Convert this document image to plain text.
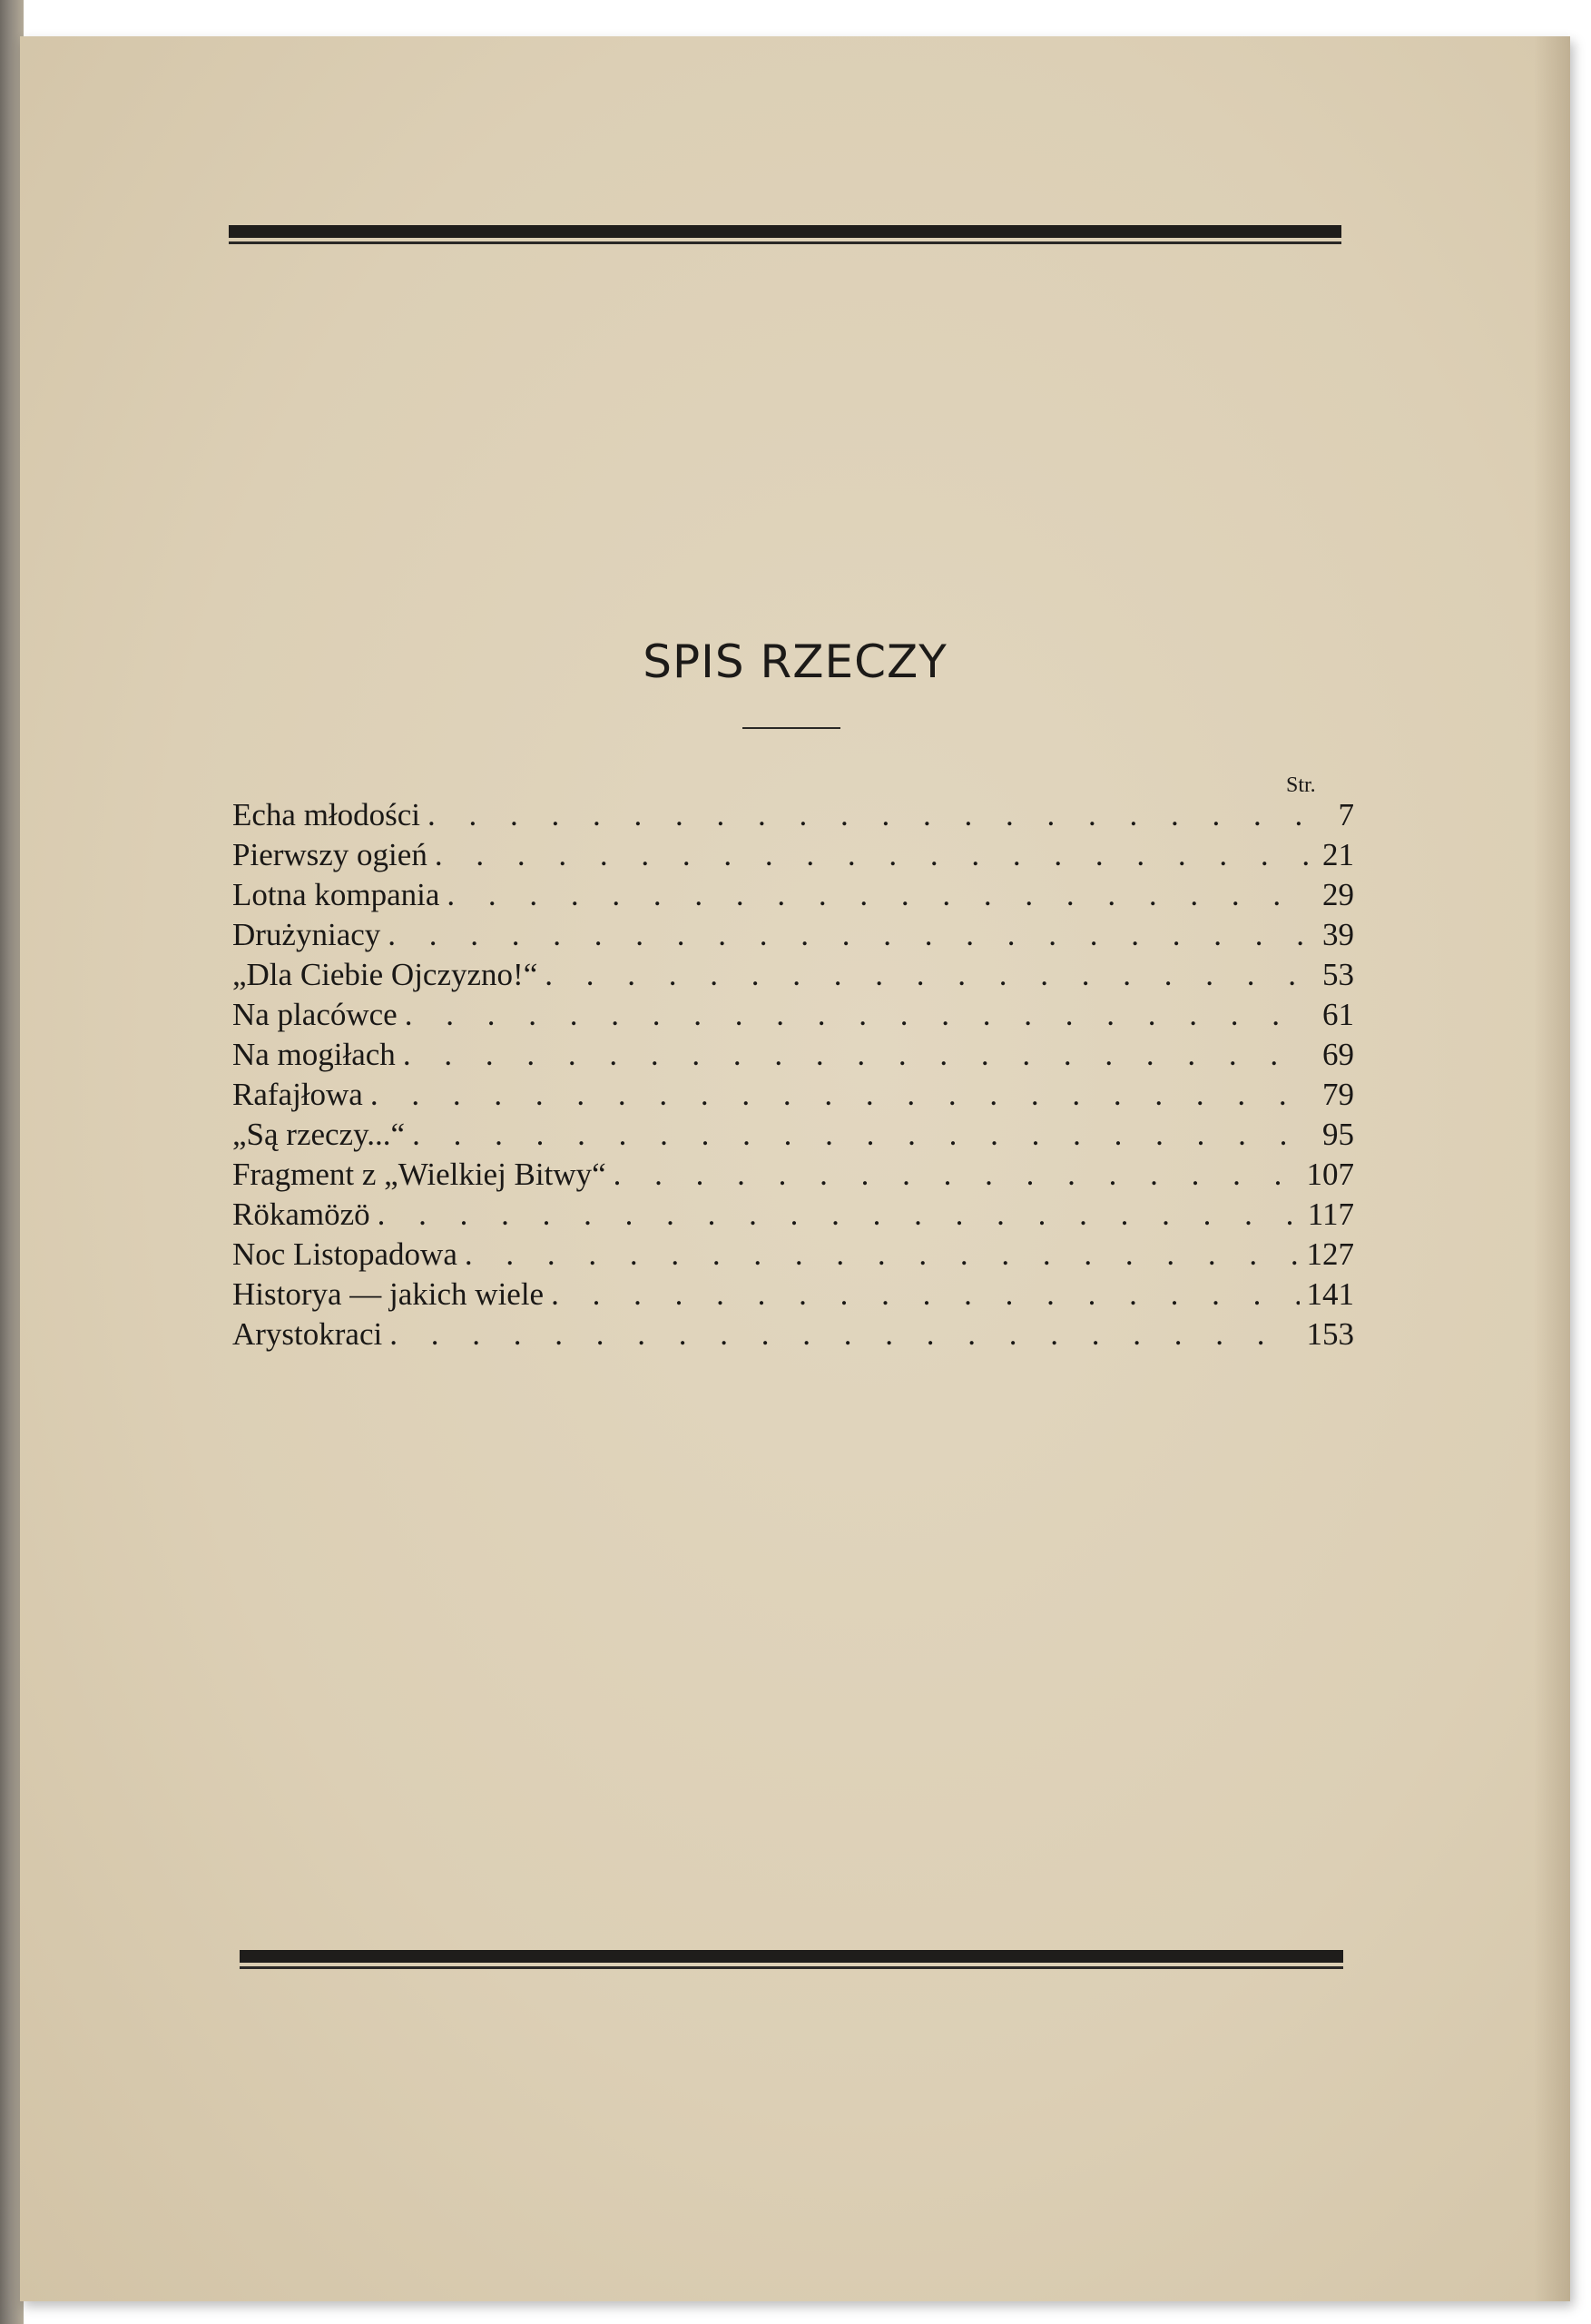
SPIS RZECZY
Str.
Echa młodości . . .	7
Pierwszy ogień . . .	21
Lotna kompania . . .	29
Drużyniacy . . .	39
„Dla Ciebie Ojczyzno!“ . . .	53
Na placówce . . .	61
Na mogiłach . . .	69
Rafajłowa . . .	79
„Są rzeczy...“ . . .	95
Fragment z „Wielkiej Bitwy“ . . .	107
Rökamözö . . .	117
Noc Listopadowa . . .	127
Historya — jakich wiele . . .	141
Arystokraci . . .	153
